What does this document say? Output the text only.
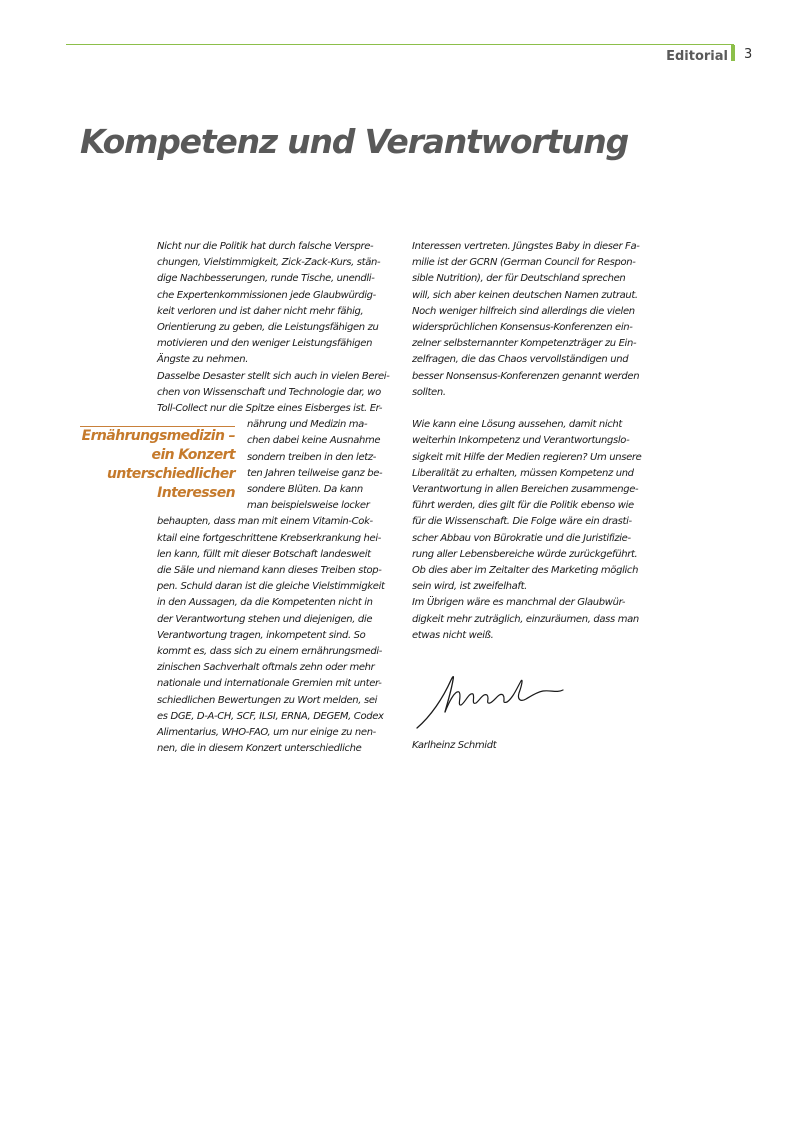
Editorial 3
Kompetenz und Verantwortung
Ernährungsmedizin –
ein Konzert
unterschiedlicher
Interessen

Nicht nur die Politik hat durch falsche Verspre-

chungen, Vielstimmigkeit, Zick-Zack-Kurs, stän-

dige Nachbesserungen, runde Tische, unendli-

che Expertenkommissionen jede Glaubwürdig-

keit verloren und ist daher nicht mehr fähig,

Orientierung zu geben, die Leistungsfähigen zu

motivieren und den weniger Leistungsfähigen

Ängste zu nehmen.

Dasselbe Desaster stellt sich auch in vielen Berei-

chen von Wissenschaft und Technologie dar, wo

Toll-Collect nur die Spitze eines Eisberges ist. Er-

nährung und Medizin ma-

chen dabei keine Ausnahme

sondern treiben in den letz-

ten Jahren teilweise ganz be-

sondere Blüten. Da kann

man beispielsweise locker

behaupten, dass man mit einem Vitamin-Cok-

ktail eine fortgeschrittene Krebserkrankung hei-

len kann, füllt mit dieser Botschaft landesweit

die Säle und niemand kann dieses Treiben stop-

pen. Schuld daran ist die gleiche Vielstimmigkeit

in den Aussagen, da die Kompetenten nicht in

der Verantwortung stehen und diejenigen, die

Verantwortung tragen, inkompetent sind. So

kommt es, dass sich zu einem ernährungsmedi-

zinischen Sachverhalt oftmals zehn oder mehr

nationale und internationale Gremien mit unter-

schiedlichen Bewertungen zu Wort melden, sei

es DGE, D-A-CH, SCF, ILSI, ERNA, DEGEM, Codex

Alimentarius, WHO-FAO, um nur einige zu nen-

nen, die in diesem Konzert unterschiedliche

Interessen vertreten. Jüngstes Baby in dieser Fa-

milie ist der GCRN (German Council for Respon-

sible Nutrition), der für Deutschland sprechen

will, sich aber keinen deutschen Namen zutraut.

Noch weniger hilfreich sind allerdings die vielen

widersprüchlichen Konsensus-Konferenzen ein-

zelner selbsternannter Kompetenzträger zu Ein-

zelfragen, die das Chaos vervollständigen und

besser Nonsensus-Konferenzen genannt werden

sollten.

Wie kann eine Lösung aussehen, damit nicht

weiterhin Inkompetenz und Verantwortungslo-

sigkeit mit Hilfe der Medien regieren? Um unsere

Liberalität zu erhalten, müssen Kompetenz und

Verantwortung in allen Bereichen zusammenge-

führt werden, dies gilt für die Politik ebenso wie

für die Wissenschaft. Die Folge wäre ein drasti-

scher Abbau von Bürokratie und die Juristifizie-

rung aller Lebensbereiche würde zurückgeführt.

Ob dies aber im Zeitalter des Marketing möglich

sein wird, ist zweifelhaft.

Im Übrigen wäre es manchmal der Glaubwür-

digkeit mehr zuträglich, einzuräumen, dass man

etwas nicht weiß.

Karlheinz Schmidt
